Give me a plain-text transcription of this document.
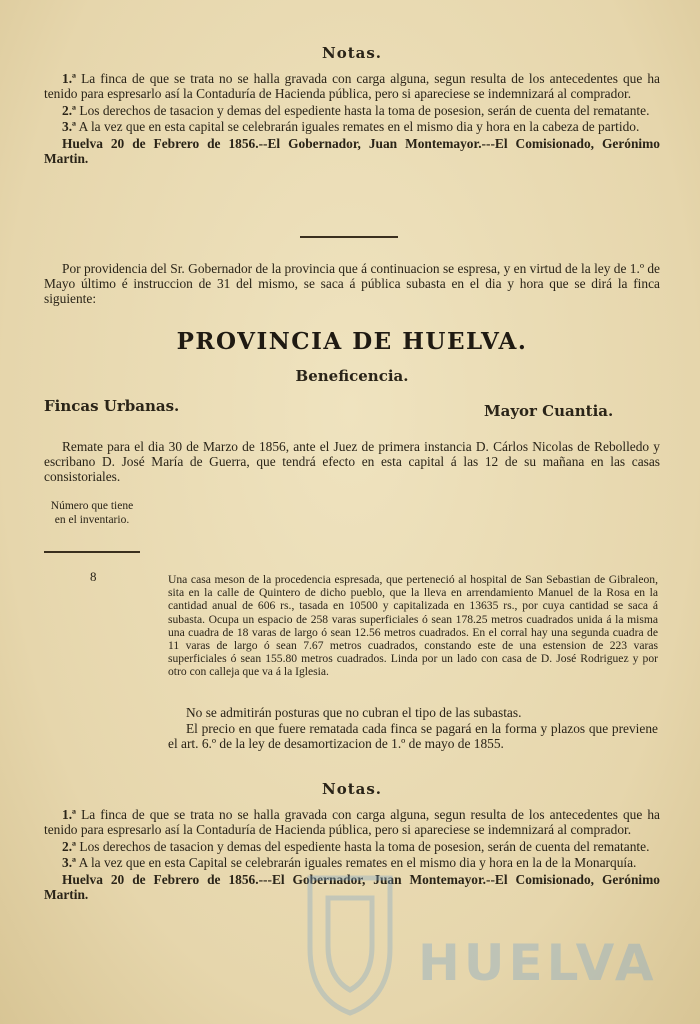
Notas.
1.ª La finca de que se trata no se halla gravada con carga alguna, segun resulta de los antecedentes que ha tenido para espresarlo así la Contaduría de Hacienda pública, pero si apareciese se indemnizará al comprador.
2.ª Los derechos de tasacion y demas del espediente hasta la toma de posesion, serán de cuenta del rematante.
3.ª A la vez que en esta capital se celebrarán iguales remates en el mismo dia y hora en la cabeza de partido.
Huelva 20 de Febrero de 1856.--El Gobernador, Juan Montemayor.---El Comisionado, Gerónimo Martin.
Por providencia del Sr. Gobernador de la provincia que á continuacion se espresa, y en virtud de la ley de 1.º de Mayo último é instruccion de 31 del mismo, se saca á pública subasta en el dia y hora que se dirá la finca siguiente:
PROVINCIA DE HUELVA.
Beneficencia.
Fincas Urbanas.	Mayor Cuantia.
Remate para el dia 30 de Marzo de 1856, ante el Juez de primera instancia D. Cárlos Nicolas de Rebolledo y escribano D. José María de Guerra, que tendrá efecto en esta capital á las 12 de su mañana en las casas consistoriales.
Número que tiene en el inventario.
8	Una casa meson de la procedencia espresada, que perteneció al hospital de San Sebastian de Gibraleon, sita en la calle de Quintero de dicho pueblo, que la lleva en arrendamiento Manuel de la Rosa en la cantidad anual de 606 rs., tasada en 10500 y capitalizada en 13635 rs., por cuya cantidad se saca á subasta. Ocupa un espacio de 258 varas superficiales ó sean 178.25 metros cuadrados unida á la misma una cuadra de 18 varas de largo ó sean 12.56 metros cuadrados. En el corral hay una segunda cuadra de 11 varas de largo ó sean 7.67 metros cuadrados, constando este de una estension de 223 varas superficiales ó sean 155.80 metros cuadrados. Linda por un lado con casa de D. José Rodriguez y por otro con calleja que va á la Iglesia.
No se admitirán posturas que no cubran el tipo de las subastas.
El precio en que fuere rematada cada finca se pagará en la forma y plazos que previene el art. 6.º de la ley de desamortizacion de 1.º de mayo de 1855.
Notas.
1.ª La finca de que se trata no se halla gravada con carga alguna, segun resulta de los antecedentes que ha tenido para espresarlo así la Contaduría de Hacienda pública, pero si apareciese se indemnizará al comprador.
2.ª Los derechos de tasacion y demas del espediente hasta la toma de posesion, serán de cuenta del rematante.
3.ª A la vez que en esta Capital se celebrarán iguales remates en el mismo dia y hora en la de la Monarquía.
Huelva 20 de Febrero de 1856.---El Gobernador, Juan Montemayor.--El Comisionado, Gerónimo Martin.
HUELVA
